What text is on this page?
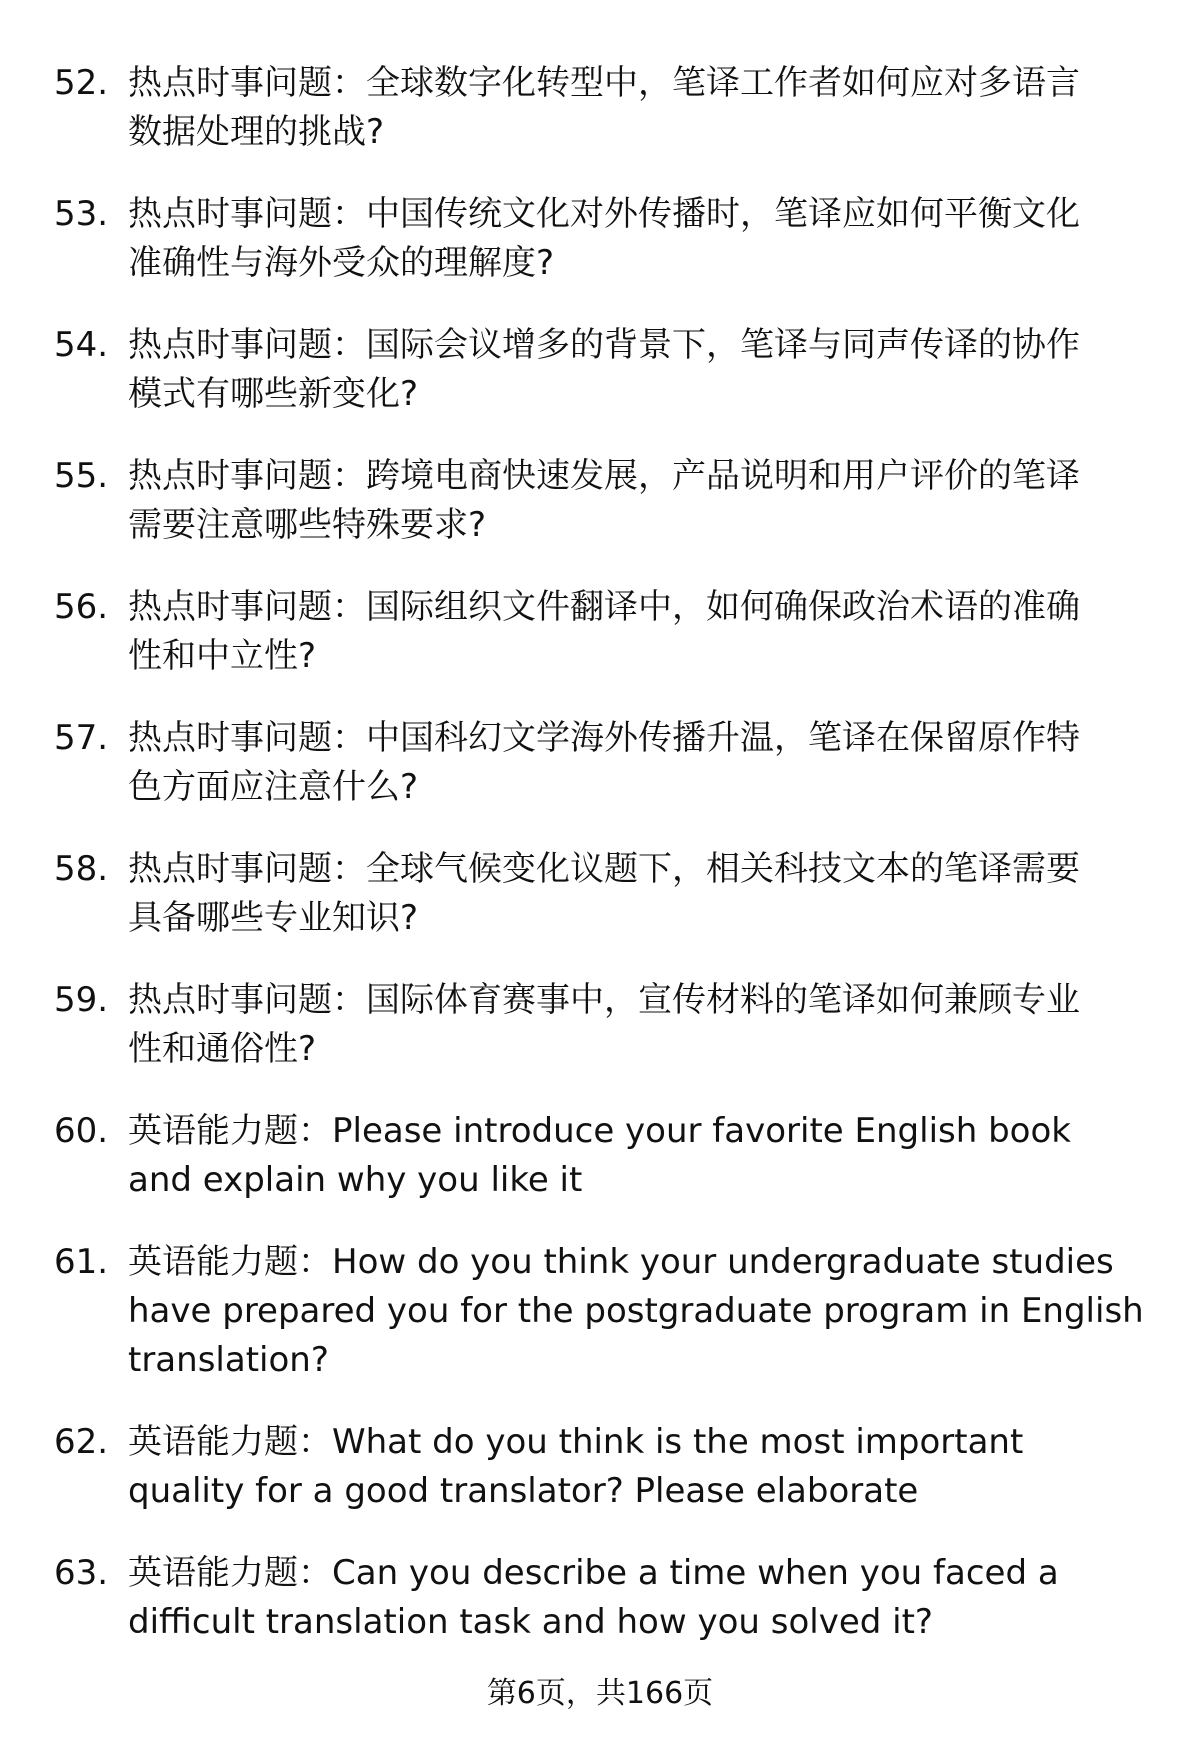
52. 热点时事问题：全球数字化转型中，笔译工作者如何应对多语言
数据处理的挑战?
53. 热点时事问题：中国传统文化对外传播时，笔译应如何平衡文化
准确性与海外受众的理解度?
54. 热点时事问题：国际会议增多的背景下，笔译与同声传译的协作
模式有哪些新变化?
55. 热点时事问题：跨境电商快速发展，产品说明和用户评价的笔译
需要注意哪些特殊要求?
56. 热点时事问题：国际组织文件翻译中，如何确保政治术语的准确
性和中立性?
57. 热点时事问题：中国科幻文学海外传播升温，笔译在保留原作特
色方面应注意什么?
58. 热点时事问题：全球气候变化议题下，相关科技文本的笔译需要
具备哪些专业知识?
59. 热点时事问题：国际体育赛事中，宣传材料的笔译如何兼顾专业
性和通俗性?
60. 英语能力题：Please introduce your favorite English book
and explain why you like it
61. 英语能力题：How do you think your undergraduate studies
have prepared you for the postgraduate program in English
translation?
62. 英语能力题：What do you think is the most important
quality for a good translator? Please elaborate
63. 英语能力题：Can you describe a time when you faced a
difficult translation task and how you solved it?
第6页，共166页
